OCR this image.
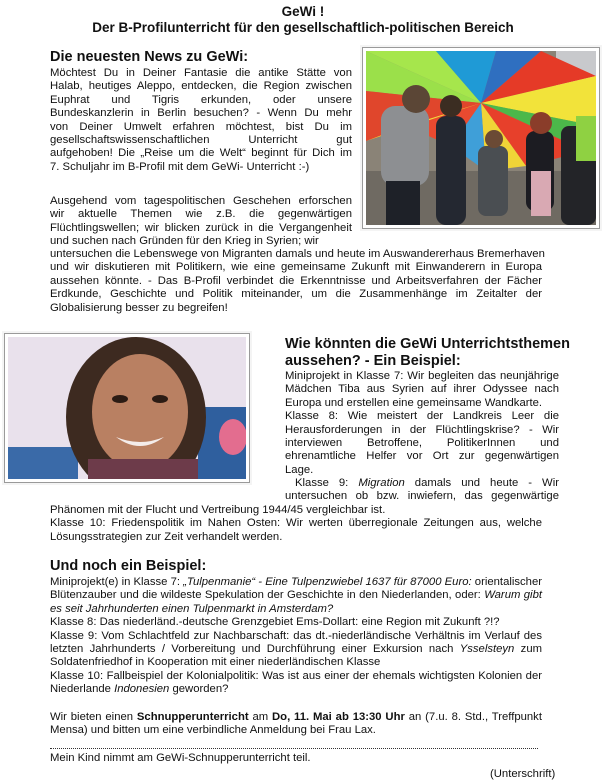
GeWi !
Der B-Profilunterricht für den gesellschaftlich-politischen Bereich
Die neuesten News zu GeWi:
Möchtest Du in Deiner Fantasie die antike Stätte von
Halab, heutiges Aleppo, entdecken, die Region zwischen
Euphrat und Tigris erkunden, oder unsere
Bundeskanzlerin in Berlin besuchen? - Wenn Du mehr
von Deiner Umwelt erfahren möchtest, bist Du im
gesellschaftswissenschaftlichen Unterricht gut
aufgehoben! Die „Reise um die Welt“ beginnt für Dich im
7. Schuljahr im B-Profil mit dem GeWi- Unterricht :-)
Ausgehend vom tagespolitischen Geschehen erforschen
wir aktuelle Themen wie z.B. die gegenwärtigen
Flüchtlingswellen; wir blicken zurück in die Vergangenheit
und suchen nach Gründen für den Krieg in Syrien; wir
untersuchen die Lebenswege von Migranten damals und heute im Auswandererhaus Bremerhaven
und wir diskutieren mit Politikern, wie eine gemeinsame Zukunft mit Einwanderern in Europa
aussehen könnte. - Das B-Profil verbindet die Erkenntnisse und Arbeitsverfahren der Fächer
Erdkunde, Geschichte und Politik miteinander, um die Zusammenhänge im Zeitalter der
Globalisierung besser zu begreifen!
Wie könnten die GeWi Unterrichtsthemen
aussehen? - Ein Beispiel:
Miniprojekt in Klasse 7: Wir begleiten das neunjährige
Mädchen Tiba aus Syrien auf ihrer Odyssee nach
Europa und erstellen eine gemeinsame Wandkarte.
Klasse 8: Wie meistert der Landkreis Leer die
Herausforderungen in der Flüchtlingskrise? - Wir
interviewen Betroffene, PolitikerInnen und
ehrenamtliche Helfer vor Ort zur gegenwärtigen
Lage.
Klasse 9: Migration damals und heute - Wir
untersuchen ob bzw. inwiefern, das gegenwärtige
Phänomen mit der Flucht und Vertreibung 1944/45 vergleichbar ist.
Klasse 10: Friedenspolitik im Nahen Osten: Wir werten überregionale Zeitungen aus, welche
Lösungsstrategien zur Zeit verhandelt werden.
Und noch ein Beispiel:
Miniprojekt(e) in Klasse 7: „Tulpenmanie“ - Eine Tulpenzwiebel 1637 für 87000 Euro: orientalischer
Blütenzauber und die wildeste Spekulation der Geschichte in den Niederlanden, oder: Warum gibt
es seit Jahrhunderten einen Tulpenmarkt in Amsterdam?
Klasse 8: Das niederländ.-deutsche Grenzgebiet Ems-Dollart: eine Region mit Zukunft ?!?
Klasse 9: Vom Schlachtfeld zur Nachbarschaft: das dt.-niederländische Verhältnis im Verlauf des
letzten Jahrhunderts / Vorbereitung und Durchführung einer Exkursion nach Ysselsteyn zum
Soldatenfriedhof in Kooperation mit einer niederländischen Klasse
Klasse 10: Fallbeispiel der Kolonialpolitik: Was ist aus einer der ehemals wichtigsten Kolonien der
Niederlande Indonesien geworden?
Wir bieten einen Schnupperunterricht am Do, 11. Mai ab 13:30 Uhr an (7.u. 8. Std., Treffpunkt
Mensa) und bitten um eine verbindliche Anmeldung bei Frau Lax.
Mein Kind nimmt am GeWi-Schnupperunterricht teil.
(Unterschrift)
